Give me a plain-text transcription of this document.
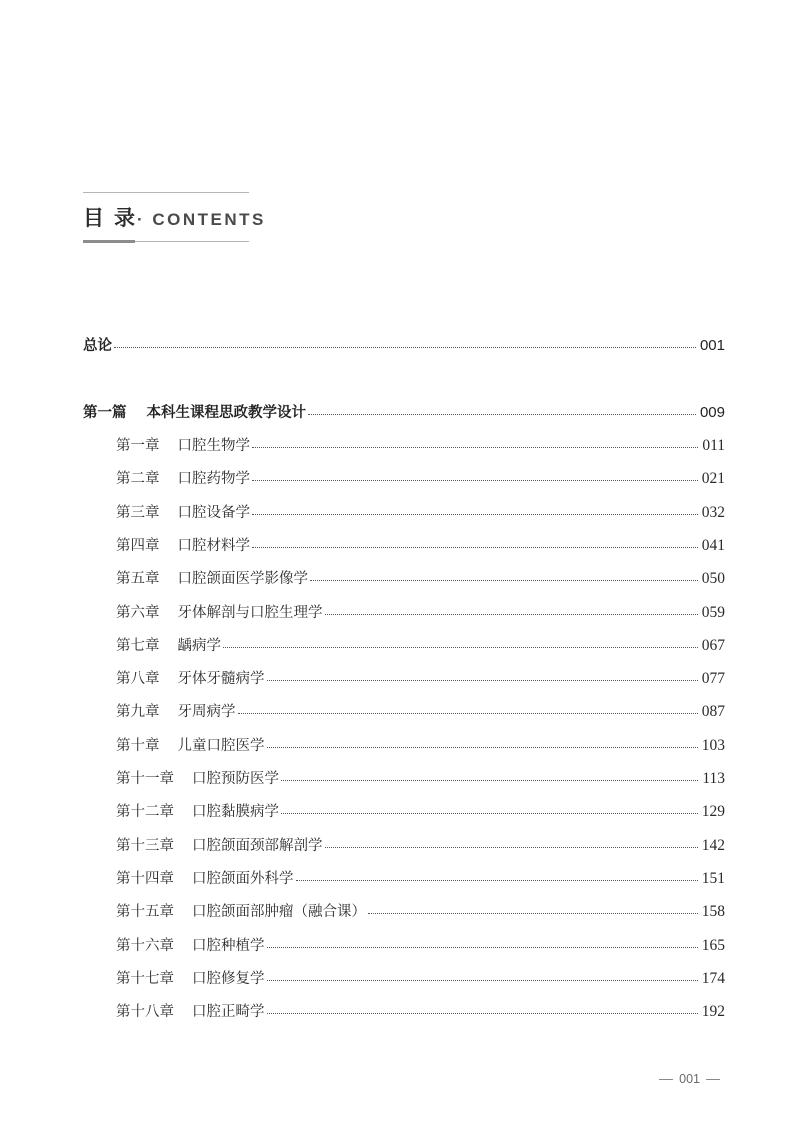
目录
· CONTENTS
总论	001
第一篇 本科生课程思政教学设计	009
第一章 口腔生物学	011
第二章 口腔药物学	021
第三章 口腔设备学	032
第四章 口腔材料学	041
第五章 口腔颌面医学影像学	050
第六章 牙体解剖与口腔生理学	059
第七章 龋病学	067
第八章 牙体牙髓病学	077
第九章 牙周病学	087
第十章 儿童口腔医学	103
第十一章 口腔预防医学	113
第十二章 口腔黏膜病学	129
第十三章 口腔颌面颈部解剖学	142
第十四章 口腔颌面外科学	151
第十五章 口腔颌面部肿瘤（融合课）	158
第十六章 口腔种植学	165
第十七章 口腔修复学	174
第十八章 口腔正畸学	192
001
